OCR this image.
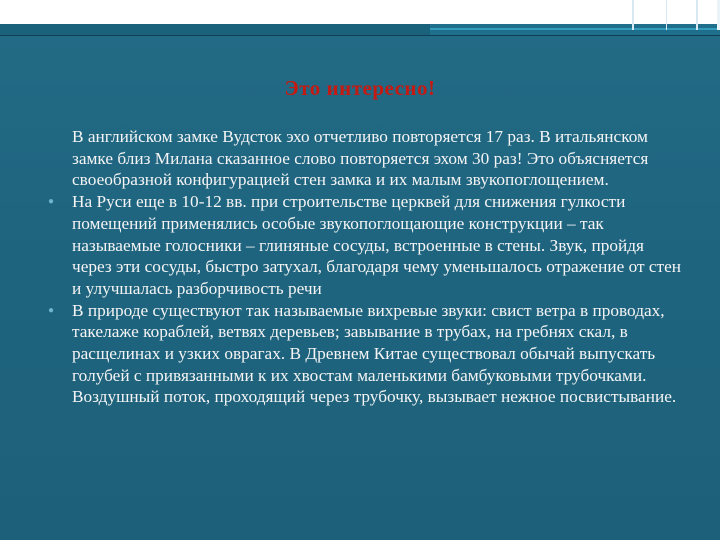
Это интересно!

В английском замке Вудсток эхо отчетливо повторяется 17 раз. В итальянском замке близ Милана сказанное слово повторяется эхом 30 раз! Это объясняется своеобразной конфигурацией стен замка и их малым звукопоглощением.

●	На Руси еще в 10-12 вв. при строительстве церквей для снижения гулкости помещений применялись особые звукопоглощающие конструкции – так называемые голосники – глиняные сосуды, встроенные в стены. Звук, пройдя через эти сосуды, быстро затухал, благодаря чему уменьшалось отражение от стен и улучшалась разборчивость речи

●	В природе существуют так называемые вихревые звуки: свист ветра в проводах, такелаже кораблей, ветвях деревьев; завывание в трубах, на гребнях скал, в расщелинах и узких оврагах. В Древнем Китае существовал обычай выпускать голубей с привязанными к их хвостам маленькими бамбуковыми трубочками. Воздушный поток, проходящий через трубочку, вызывает нежное посвистывание.
